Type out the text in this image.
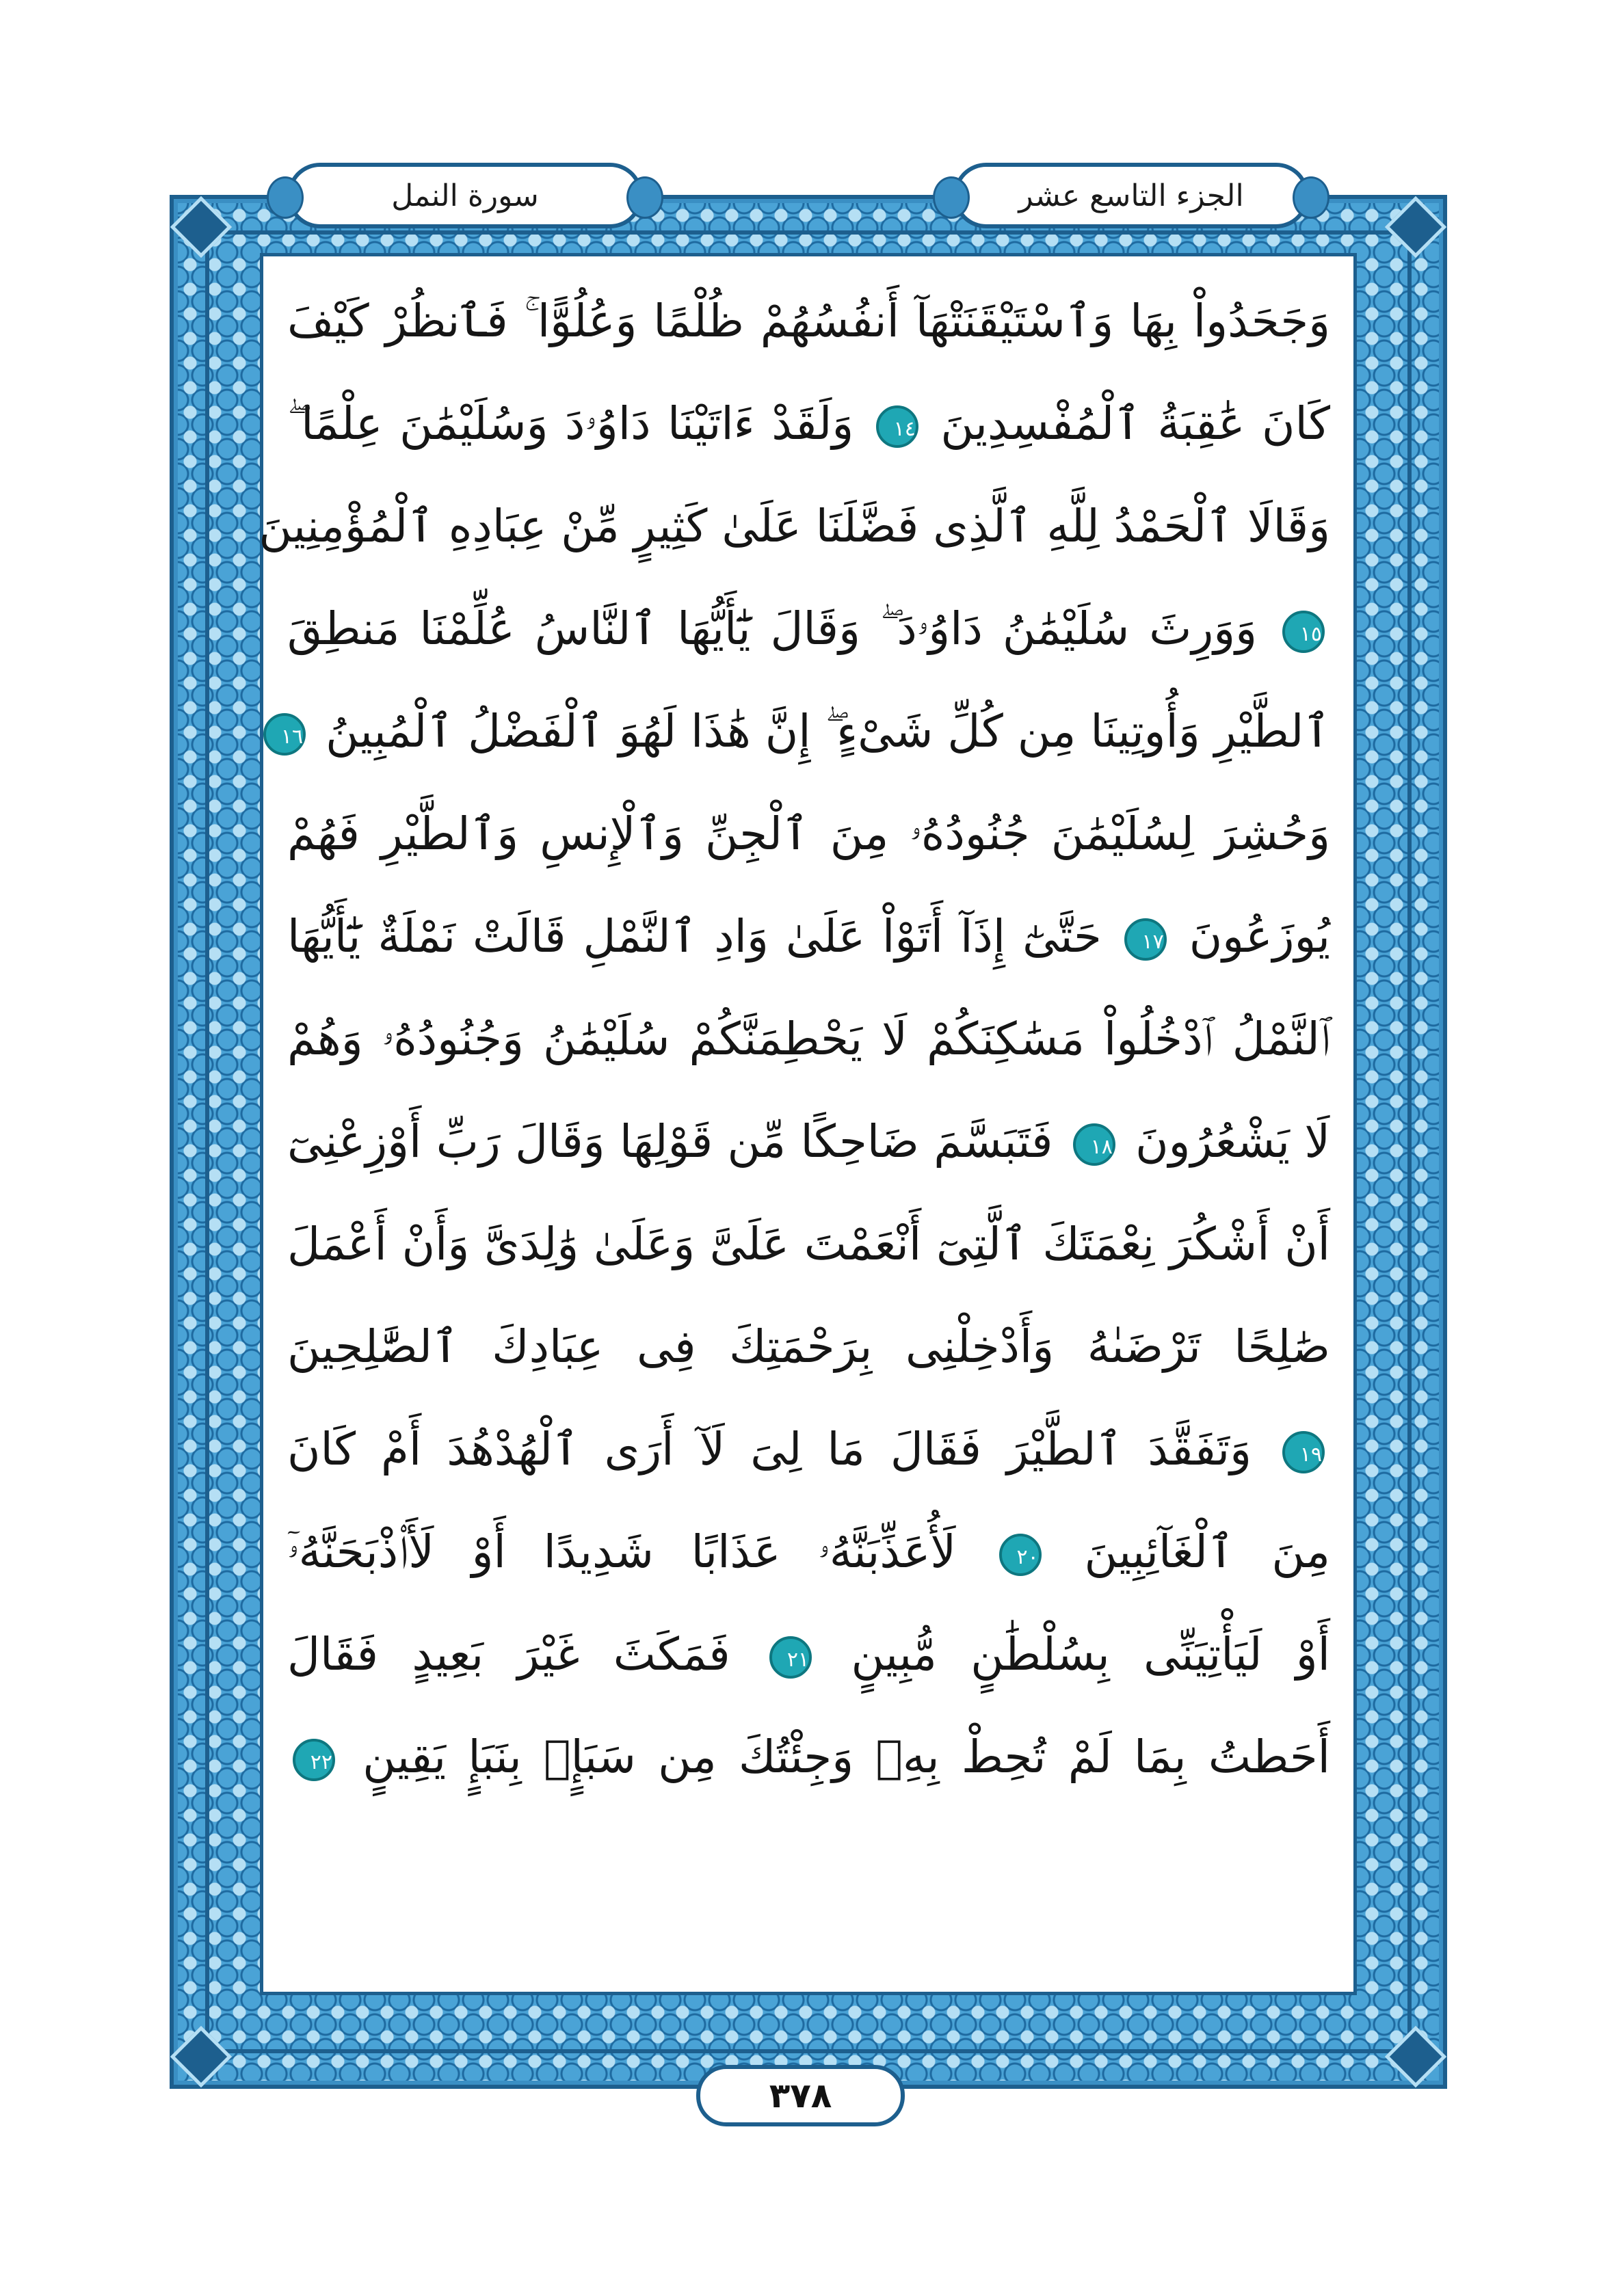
سورة النمل	الجزء التاسع عشر
وَجَحَدُواْ بِهَا وَٱسْتَيْقَنَتْهَآ أَنفُسُهُمْ ظُلْمًا وَعُلُوًّا ۚ فَٱنظُرْ كَيْفَ
كَانَ عَٰقِبَةُ ٱلْمُفْسِدِينَ ١٤ وَلَقَدْ ءَاتَيْنَا دَاوُۥدَ وَسُلَيْمَٰنَ عِلْمًا ۖ
وَقَالَا ٱلْحَمْدُ لِلَّهِ ٱلَّذِى فَضَّلَنَا عَلَىٰ كَثِيرٍ مِّنْ عِبَادِهِ ٱلْمُؤْمِنِينَ
١٥ وَوَرِثَ سُلَيْمَٰنُ دَاوُۥدَ ۖ وَقَالَ يَٰٓأَيُّهَا ٱلنَّاسُ عُلِّمْنَا مَنطِقَ
ٱلطَّيْرِ وَأُوتِينَا مِن كُلِّ شَىْءٍ ۖ إِنَّ هَٰذَا لَهُوَ ٱلْفَضْلُ ٱلْمُبِينُ ١٦
وَحُشِرَ لِسُلَيْمَٰنَ جُنُودُهُۥ مِنَ ٱلْجِنِّ وَٱلْإِنسِ وَٱلطَّيْرِ فَهُمْ
يُوزَعُونَ ١٧ حَتَّىٰٓ إِذَآ أَتَوْاْ عَلَىٰ وَادِ ٱلنَّمْلِ قَالَتْ نَمْلَةٌ يَٰٓأَيُّهَا
ٱلنَّمْلُ ٱدْخُلُواْ مَسَٰكِنَكُمْ لَا يَحْطِمَنَّكُمْ سُلَيْمَٰنُ وَجُنُودُهُۥ وَهُمْ
لَا يَشْعُرُونَ ١٨ فَتَبَسَّمَ ضَاحِكًا مِّن قَوْلِهَا وَقَالَ رَبِّ أَوْزِعْنِىٓ
أَنْ أَشْكُرَ نِعْمَتَكَ ٱلَّتِىٓ أَنْعَمْتَ عَلَىَّ وَعَلَىٰ وَٰلِدَىَّ وَأَنْ أَعْمَلَ
صَٰلِحًا تَرْضَىٰهُ وَأَدْخِلْنِى بِرَحْمَتِكَ فِى عِبَادِكَ ٱلصَّٰلِحِينَ
١٩ وَتَفَقَّدَ ٱلطَّيْرَ فَقَالَ مَا لِىَ لَآ أَرَى ٱلْهُدْهُدَ أَمْ كَانَ
مِنَ ٱلْغَآئِبِينَ ٢٠ لَأُعَذِّبَنَّهُۥ عَذَابًا شَدِيدًا أَوْ لَأَا۟ذْبَحَنَّهُۥٓ
أَوْ لَيَأْتِيَنِّى بِسُلْطَٰنٍ مُّبِينٍ ٢١ فَمَكَثَ غَيْرَ بَعِيدٍ فَقَالَ
أَحَطتُ بِمَا لَمْ تُحِطْ بِهِۦ وَجِئْتُكَ مِن سَبَإٍۭ بِنَبَإٍ يَقِينٍ ٢٢
٣٧٨
